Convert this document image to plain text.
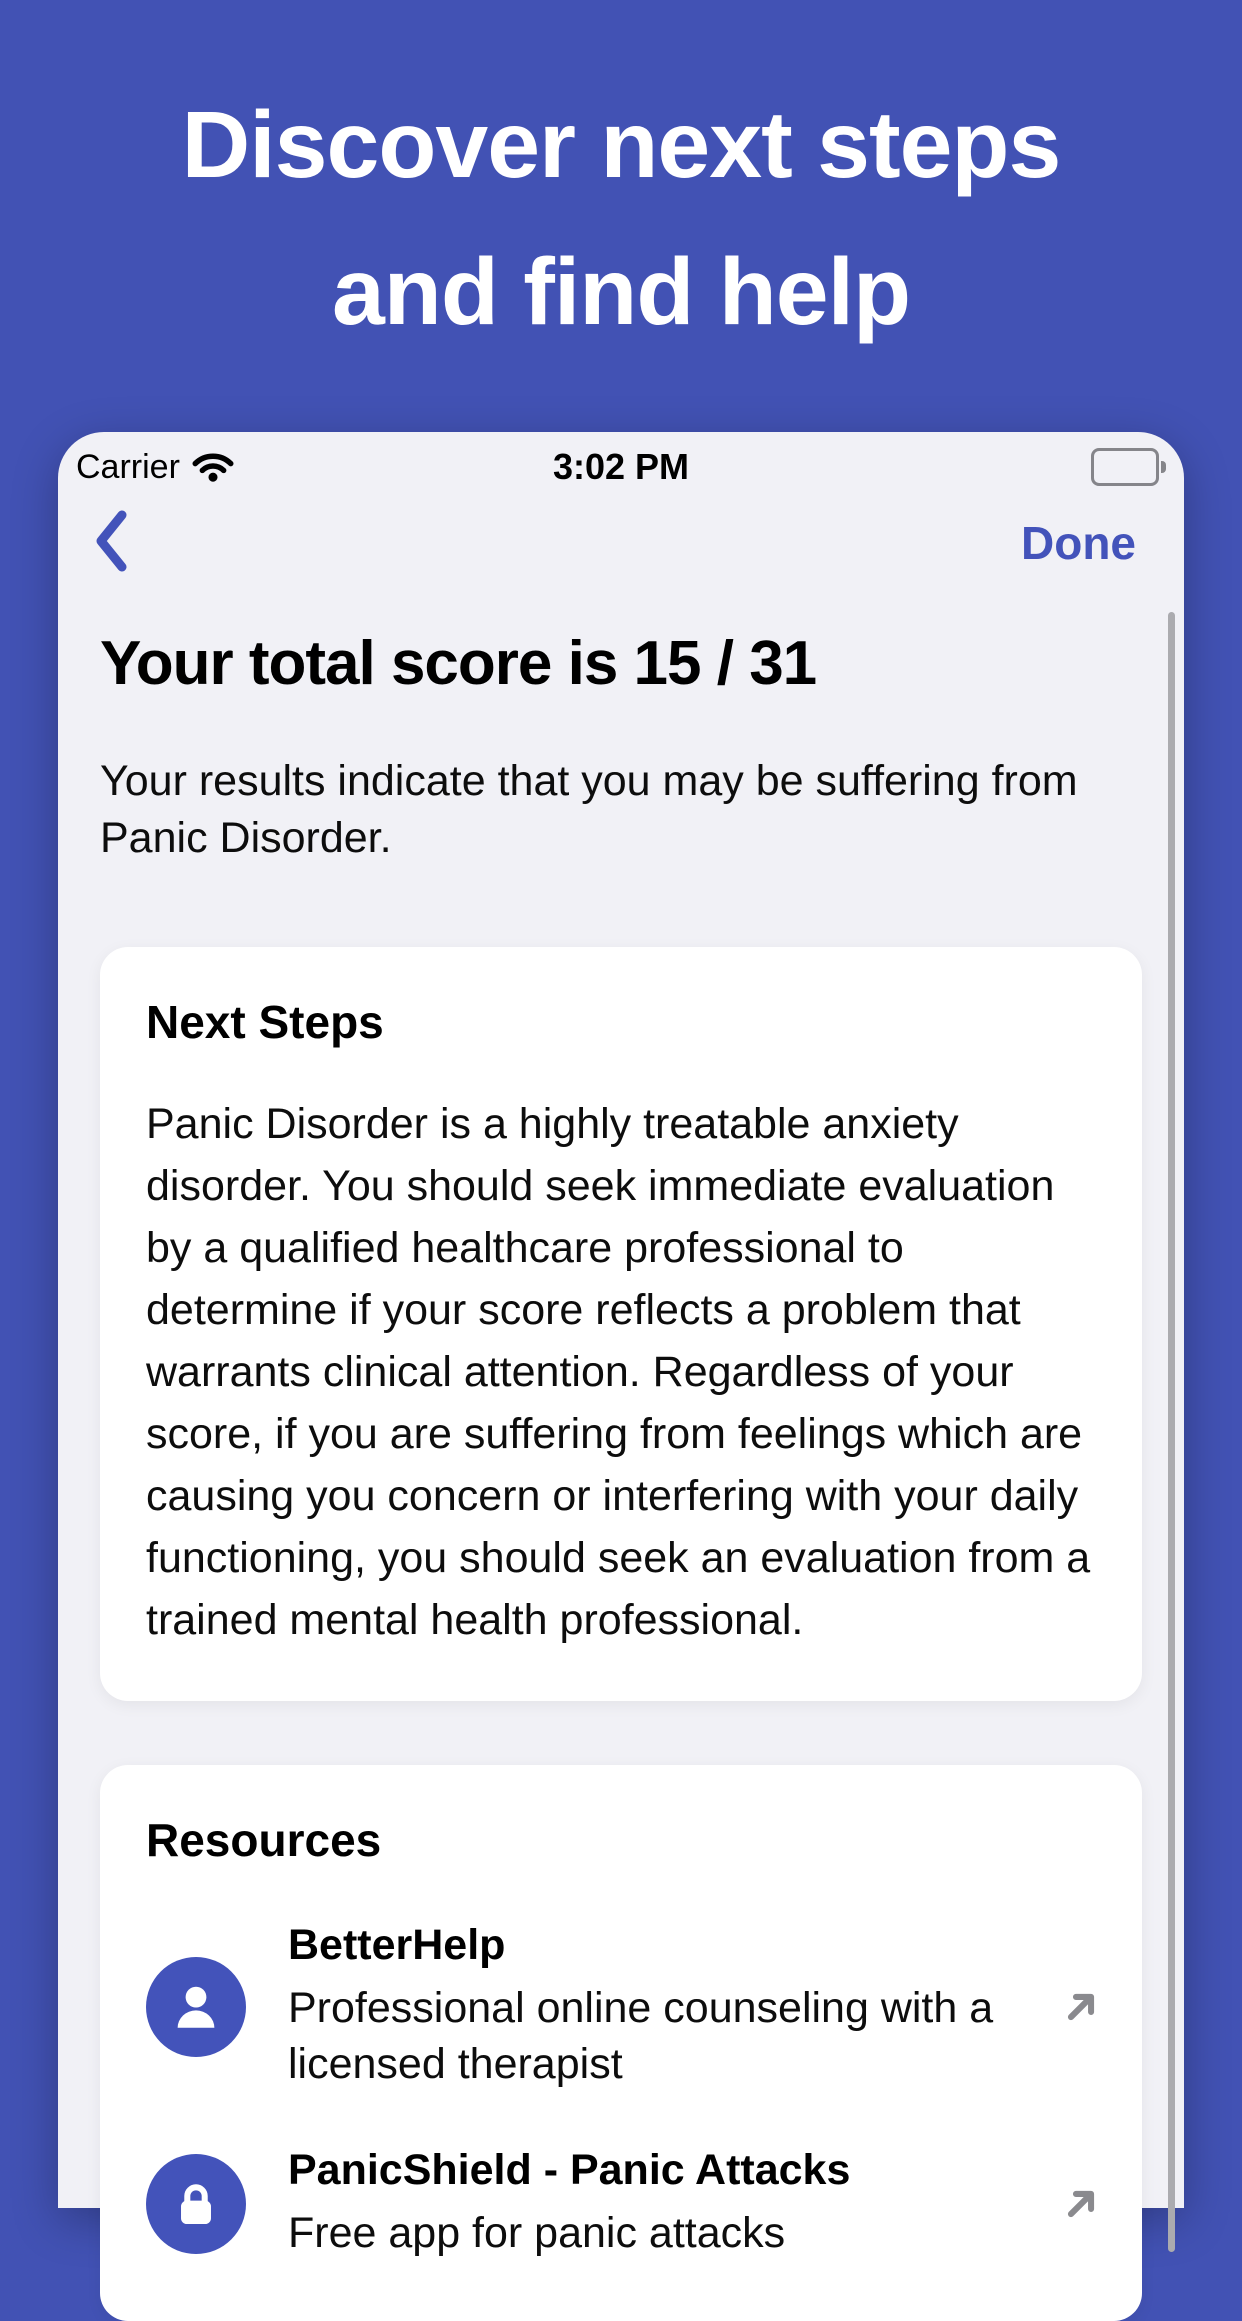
Discover next steps
and find help
Carrier	3:02 PM
Done
Your total score is 15 / 31
Your results indicate that you may be suffering from Panic Disorder.
Next Steps
Panic Disorder is a highly treatable anxiety disorder. You should seek immediate evaluation by a qualified healthcare professional to determine if your score reflects a problem that warrants clinical attention. Regardless of your score, if you are suffering from feelings which are causing you concern or interfering with your daily functioning, you should seek an evaluation from a trained mental health professional.
Resources
BetterHelp
Professional online counseling with a licensed therapist
PanicShield - Panic Attacks
Free app for panic attacks
